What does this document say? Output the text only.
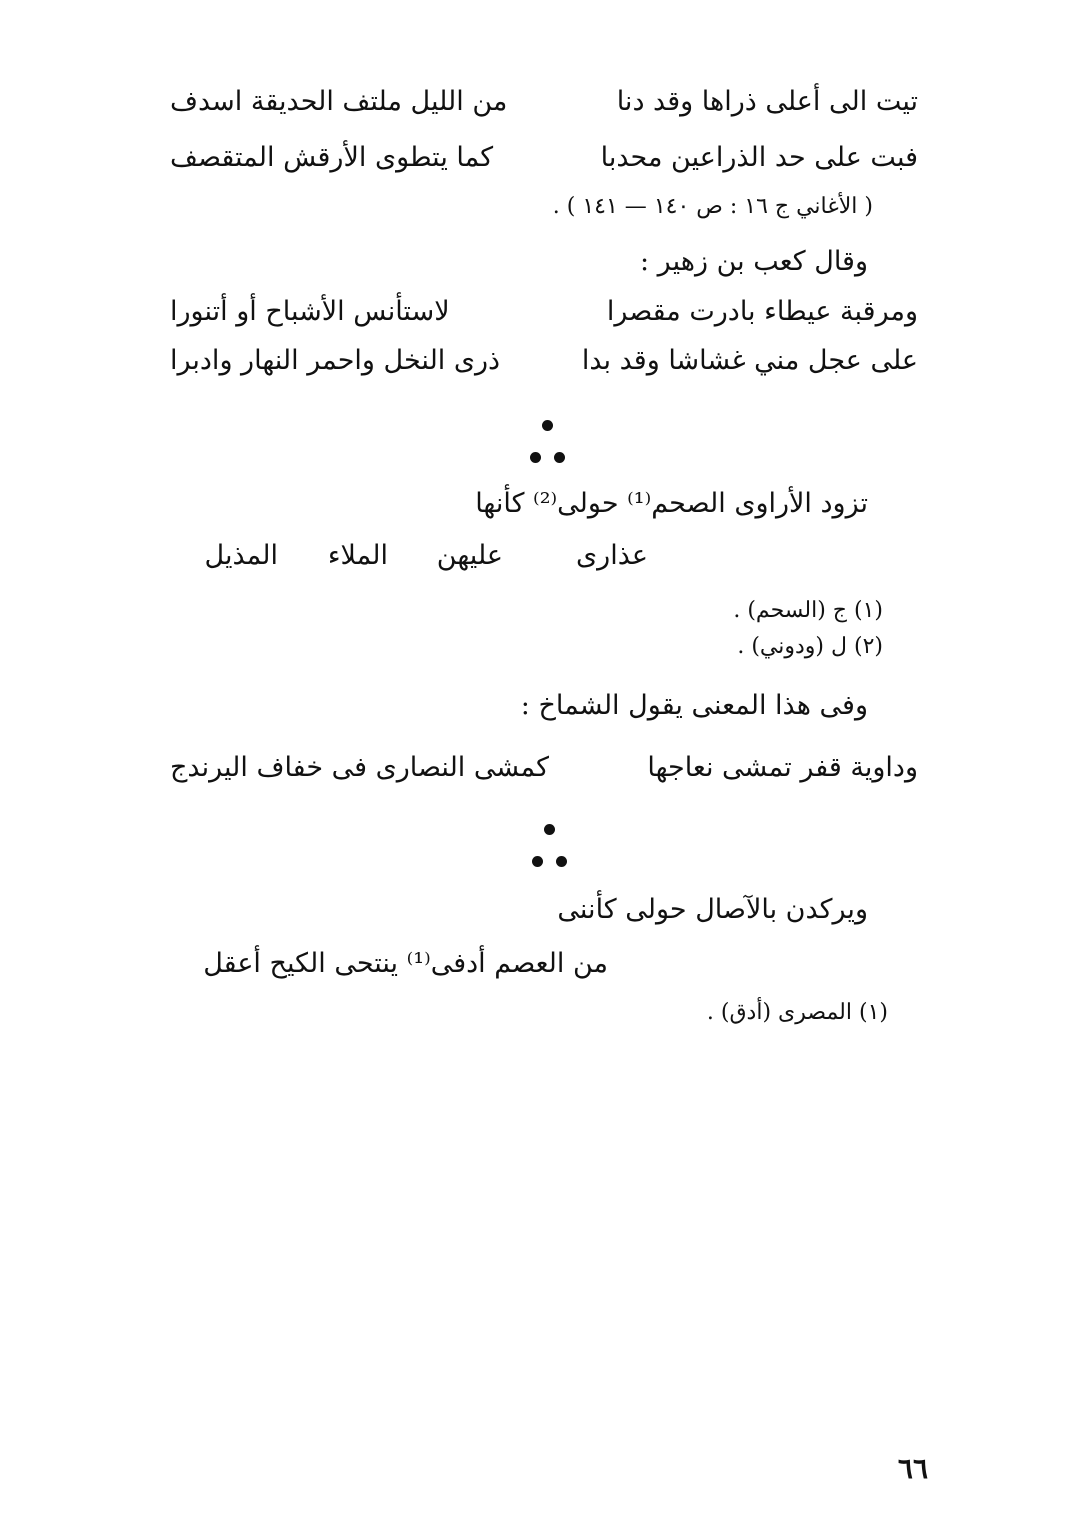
تيت الى أعلى ذراها وقد دنا
من الليل ملتف الحديقة اسدف
فبت على حد الذراعين محدبا
كما يتطوى الأرقش المتقصف
( الأغاني ج ١٦ : ص ١٤٠ — ١٤١ ) .
وقال كعب بن زهير :
ومرقبة عيطاء بادرت مقصرا
لاستأنس الأشباح أو أتنورا
على عجل مني غشاشا وقد بدا
ذرى النخل واحمر النهار وادبرا
تزود الأراوى الصحم⁽¹⁾ حولى⁽²⁾ كأنها
عذارى
عليهن
الملاء
المذيل
(١) ج (السحم) .
(٢) ل (ودوني) .
وفى هذا المعنى يقول الشماخ :
وداوية قفر تمشى نعاجها
كمشى النصارى فى خفاف اليرندج
ويركدن بالآصال حولى كأننى
من العصم أدفى⁽¹⁾ ينتحى الكيح أعقل
(١) المصرى (أدق) .
٦٦
